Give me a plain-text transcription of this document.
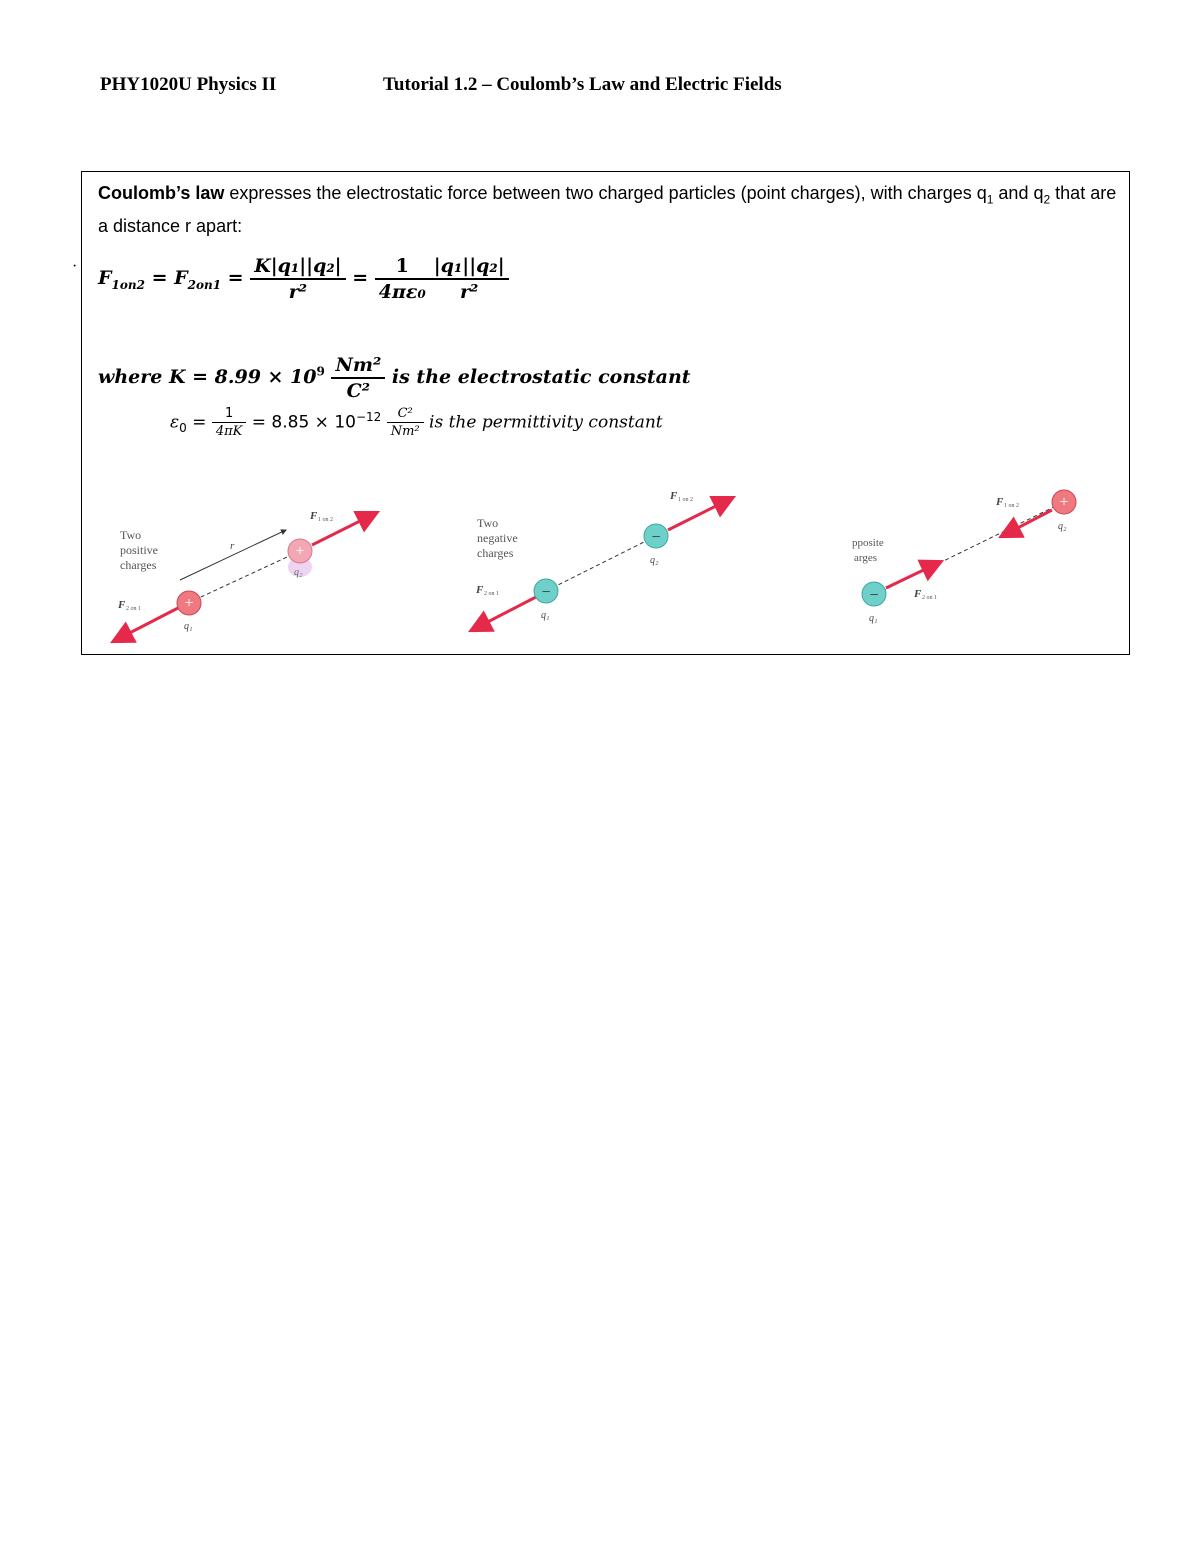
PHY1020U Physics II	Tutorial 1.2 – Coulomb’s Law and Electric Fields
·
Coulomb’s law expresses the electrostatic force between two charged particles (point charges), with charges $q_1$ and $q_2$ that are a distance r apart:
$F_{1on2} = F_{2on1} = \frac{\text{K|q₁||q₂|}}{\text{r²}} = \frac{1}{\text{4πε₀}} \frac{\text{|q₁||q₂|}}{\text{r²}}$
where $K = 8.99 \times 10^9 \frac{\text{Nm²}}{\text{C²}}$ is the electrostatic constant
$\varepsilon_0 = \frac{1}{4\pi K} = 8.85 \times 10^{-12} \frac{\text{C²}}{\text{Nm²}}$ is the permittivity constant
Two
positive
charges
r
+
+
F 1 on 2
F 2 on 1
q₁
q₂
Two
negative
charges
−
−
F 1 on 2
F 2 on 1
q₁
q₂
pposite
arges
−
+
F 1 on 2
F 2 on 1
q₁
q₂
